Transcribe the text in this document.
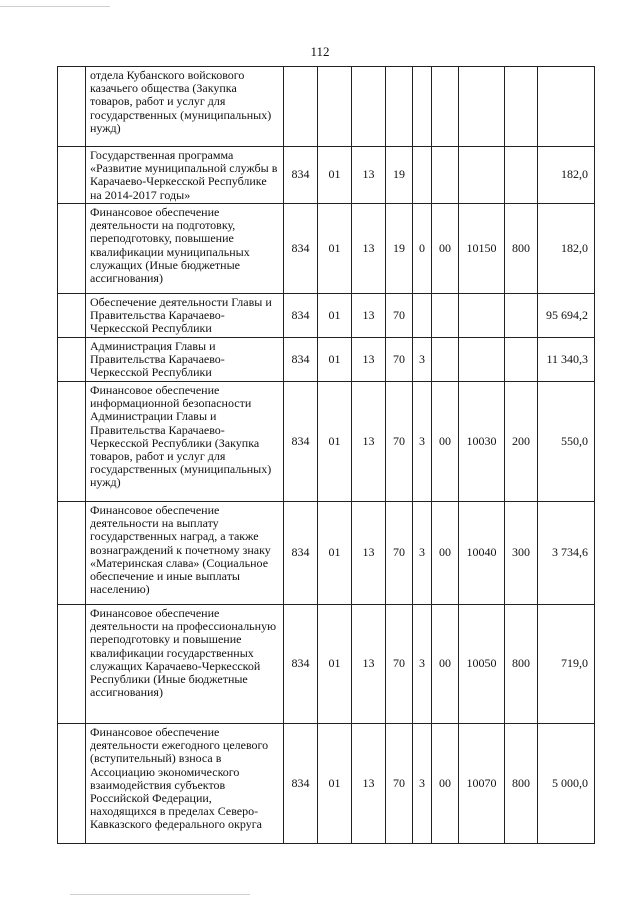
112
	отдела Кубанского войскового казачьего общества (Закупка товаров, работ и услуг для государственных (муниципальных) нужд)									
	Государственная программа «Развитие муниципальной службы в Карачаево-Черкесской Республике на 2014-2017 годы»	834	01	13	19					182,0
	Финансовое обеспечение деятельности на подготовку, переподготовку, повышение квалификации муниципальных служащих (Иные бюджетные ассигнования)	834	01	13	19	0	00	10150	800	182,0
	Обеспечение деятельности Главы и Правительства Карачаево-Черкесской Республики	834	01	13	70					95 694,2
	Администрация Главы и Правительства Карачаево-Черкесской Республики	834	01	13	70	3				11 340,3
	Финансовое обеспечение информационной безопасности Администрации Главы и Правительства Карачаево-Черкесской Республики (Закупка товаров, работ и услуг для государственных (муниципальных) нужд)	834	01	13	70	3	00	10030	200	550,0
	Финансовое обеспечение деятельности на выплату государственных наград, а также вознаграждений к почетному знаку «Материнская слава» (Социальное обеспечение и иные выплаты населению)	834	01	13	70	3	00	10040	300	3 734,6
	Финансовое обеспечение деятельности на профессиональную переподготовку и повышение квалификации государственных служащих Карачаево-Черкесской Республики (Иные бюджетные ассигнования)	834	01	13	70	3	00	10050	800	719,0
	Финансовое обеспечение деятельности ежегодного целевого (вступительный) взноса в Ассоциацию экономического взаимодействия субъектов Российской Федерации, находящихся в пределах Северо-Кавказского федерального округа	834	01	13	70	3	00	10070	800	5 000,0
